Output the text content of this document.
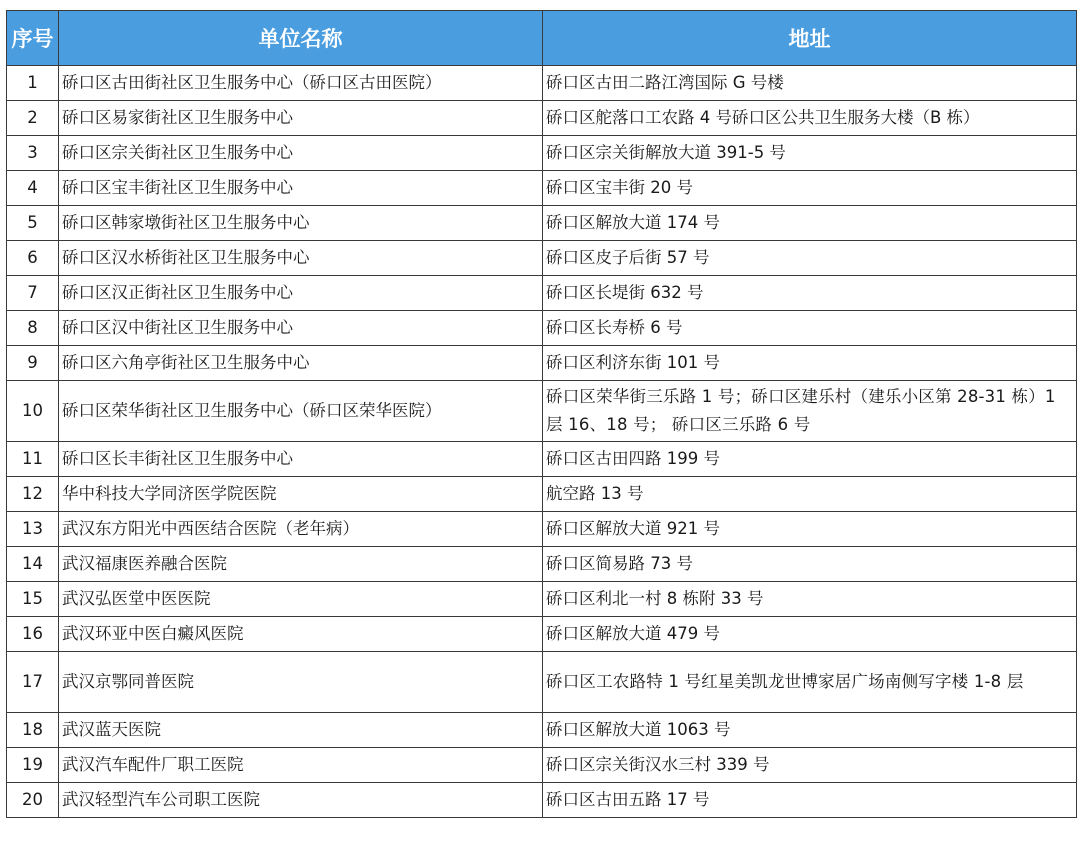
序号	单位名称	地址
1	硚口区古田街社区卫生服务中心（硚口区古田医院）	硚口区古田二路江湾国际 G 号楼
2	硚口区易家街社区卫生服务中心	硚口区舵落口工农路 4 号硚口区公共卫生服务大楼（B 栋）
3	硚口区宗关街社区卫生服务中心	硚口区宗关街解放大道 391-5 号
4	硚口区宝丰街社区卫生服务中心	硚口区宝丰街 20 号
5	硚口区韩家墩街社区卫生服务中心	硚口区解放大道 174 号
6	硚口区汉水桥街社区卫生服务中心	硚口区皮子后街 57 号
7	硚口区汉正街社区卫生服务中心	硚口区长堤街 632 号
8	硚口区汉中街社区卫生服务中心	硚口区长寿桥 6 号
9	硚口区六角亭街社区卫生服务中心	硚口区利济东街 101 号
10	硚口区荣华街社区卫生服务中心（硚口区荣华医院）	硚口区荣华街三乐路 1 号；硚口区建乐村（建乐小区第 28-31 栋）1 层 16、18 号； 硚口区三乐路 6 号
11	硚口区长丰街社区卫生服务中心	硚口区古田四路 199 号
12	华中科技大学同济医学院医院	航空路 13 号
13	武汉东方阳光中西医结合医院（老年病）	硚口区解放大道 921 号
14	武汉福康医养融合医院	硚口区简易路 73 号
15	武汉弘医堂中医医院	硚口区利北一村 8 栋附 33 号
16	武汉环亚中医白癜风医院	硚口区解放大道 479 号
17	武汉京鄂同普医院	硚口区工农路特 1 号红星美凯龙世博家居广场南侧写字楼 1-8 层
18	武汉蓝天医院	硚口区解放大道 1063 号
19	武汉汽车配件厂职工医院	硚口区宗关街汉水三村 339 号
20	武汉轻型汽车公司职工医院	硚口区古田五路 17 号
